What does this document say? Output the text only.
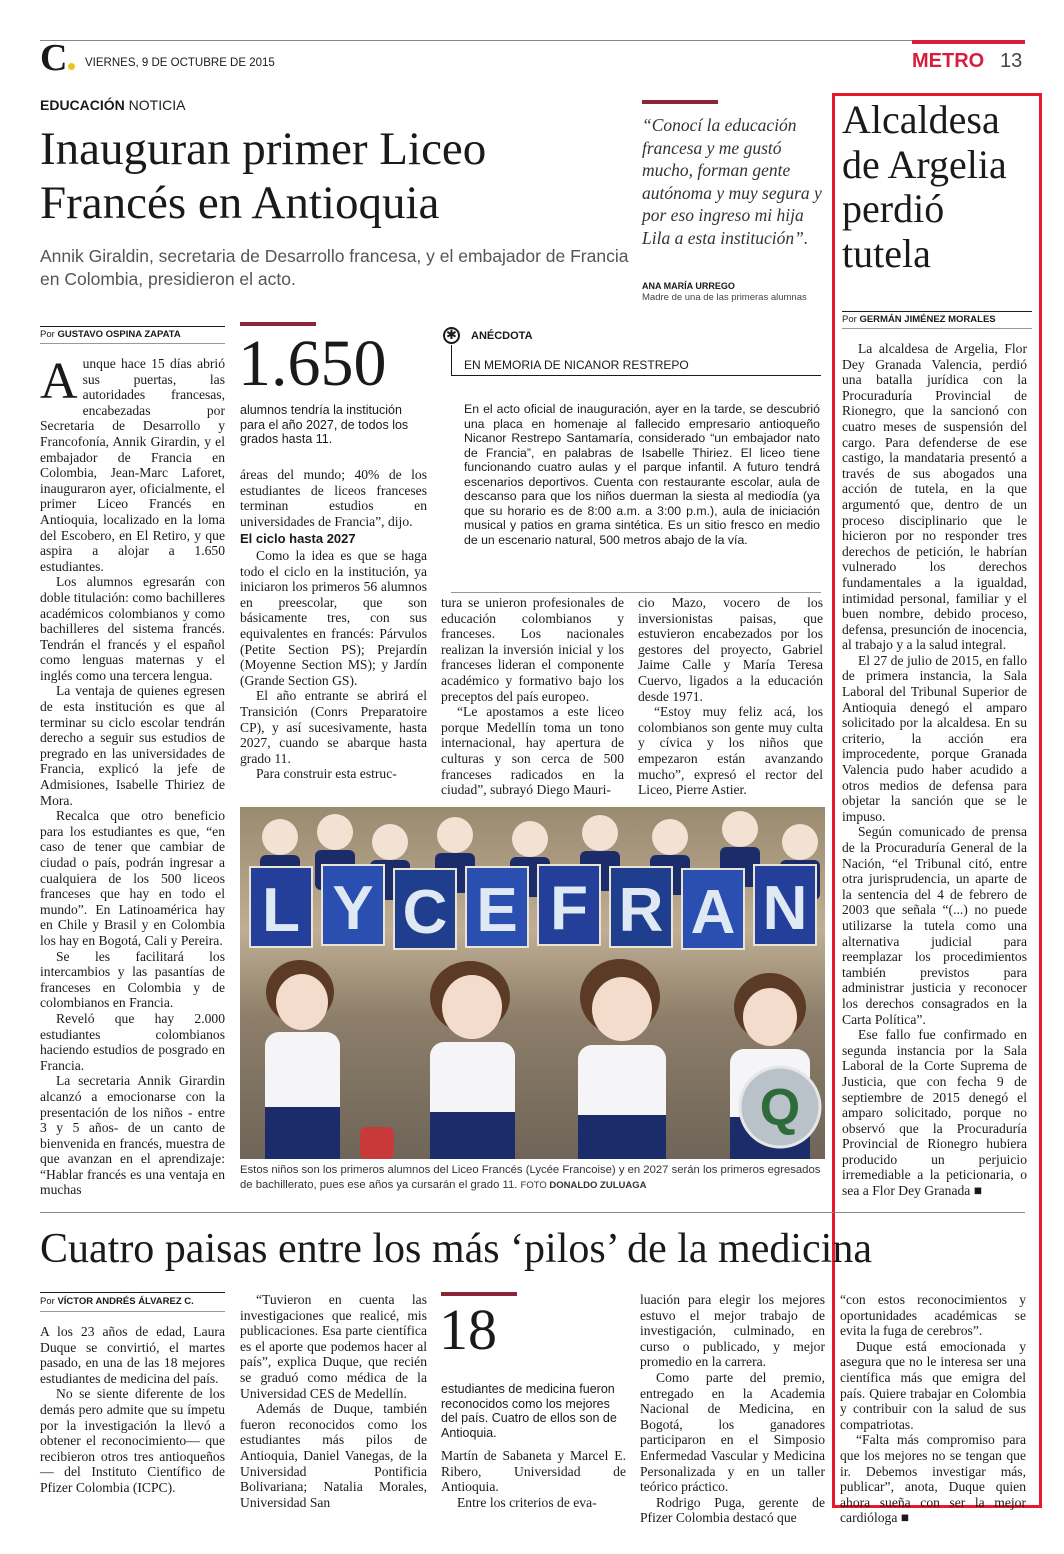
C	VIERNES, 9 DE OCTUBRE DE 2015	METRO 13
EDUCACIÓN NOTICIA
Inauguran primer Liceo
Francés en Antioquia
Annik Giraldin, secretaria de Desarrollo francesa, y el embajador de Francia en Colombia, presidieron el acto.
“Conocí la educación francesa y me gustó mucho, forman gente autónoma y muy segura y por eso ingreso mi hija Lila a esta institución”.
ANA MARÍA URREGO
Madre de una de las primeras alumnas
Alcaldesa
de Argelia
perdió
tutela
Por GERMÁN JIMÉNEZ MORALES

La alcaldesa de Argelia, Flor Dey Granada Valencia, perdió una batalla jurídica con la Procuraduría Provincial de Rionegro, que la sancionó con cuatro meses de suspensión del cargo. Para defenderse de ese castigo, la mandataria presentó a través de sus abogados una acción de tutela, en la que argumentó que, dentro de un proceso disciplinario que le hicieron por no responder tres derechos de petición, le habrían vulnerado los derechos fundamentales a la igualdad, intimidad personal, familiar y el buen nombre, debido proceso, defensa, presunción de inocencia, al trabajo y a la salud integral.

El 27 de julio de 2015, en fallo de primera instancia, la Sala Laboral del Tribunal Superior de Antioquia denegó el amparo solicitado por la alcaldesa. En su criterio, la acción era improcedente, porque Granada Valencia pudo haber acudido a otros medios de defensa para objetar la sanción que se le impuso.

Según comunicado de prensa de la Procuraduría General de la Nación, “el Tribunal citó, entre otra jurisprudencia, un aparte de la sentencia del 4 de febrero de 2003 que señala “(...) no puede utilizarse la tutela como una alternativa judicial para reemplazar los procedimientos también previstos para administrar justicia y reconocer los derechos consagrados en la Carta Política”.

Ese fallo fue confirmado en segunda instancia por la Sala Laboral de la Corte Suprema de Justicia, que con fecha 9 de septiembre de 2015 denegó el amparo solicitado, porque no observó que la Procuraduría Provincial de Rionegro hubiera producido un perjuicio irremediable a la peticionaria, o sea a Flor Dey Granada ■

Por GUSTAVO OSPINA ZAPATA

Aunque hace 15 días abrió sus puertas, las autoridades francesas, encabezadas por Secretaria de Desarrollo y Francofonía, Annik Girardin, y el embajador de Francia en Colombia, Jean-Marc Laforet, inauguraron ayer, oficialmente, el primer Liceo Francés en Antioquia, localizado en la loma del Escobero, en El Retiro, y que aspira a alojar a 1.650 estudiantes.

Los alumnos egresarán con doble titulación: como bachilleres académicos colombianos y como bachilleres del sistema francés. Tendrán el francés y el español como lenguas maternas y el inglés como una tercera lengua.

La ventaja de quienes egresen de esta institución es que al terminar su ciclo escolar tendrán derecho a seguir sus estudios de pregrado en las universidades de Francia, explicó la jefe de Admisiones, Isabelle Thiriez de Mora.

Recalca que otro beneficio para los estudiantes es que, “en caso de tener que cambiar de ciudad o país, podrán ingresar a cualquiera de los 500 liceos franceses que hay en todo el mundo”. En Latinoamérica hay en Chile y Brasil y en Colombia los hay en Bogotá, Cali y Pereira.

Se les facilitará los intercambios y las pasantías de franceses en Colombia y de colombianos en Francia.

Reveló que hay 2.000 estudiantes colombianos haciendo estudios de posgrado en Francia.

La secretaria Annik Girardin alcanzó a emocionarse con la presentación de los niños - entre 3 y 5 años- de un canto de bienvenida en francés, muestra de que avanzan en el aprendizaje: “Hablar francés es una ventaja en muchas

1.650
alumnos tendría la institución para el año 2027, de todos los grados hasta 11.
✱ ANÉCDOTA
EN MEMORIA DE NICANOR RESTREPO
En el acto oficial de inauguración, ayer en la tarde, se descubrió una placa en homenaje al fallecido empresario antioqueño Nicanor Restrepo Santamaría, considerado “un embajador nato de Francia”, en palabras de Isabelle Thiriez. El liceo tiene funcionando cuatro aulas y el parque infantil. A futuro tendrá escenarios deportivos. Cuenta con restaurante escolar, aula de descanso para que los niños duerman la siesta al mediodía (ya que su horario es de 8:00 a.m. a 3:00 p.m.), aula de iniciación musical y patios en grama sintética. Es un sitio fresco en medio de un escenario natural, 500 metros abajo de la vía.

áreas del mundo; 40% de los estudiantes de liceos franceses terminan estudios en universidades de Francia”, dijo.

El ciclo hasta 2027

Como la idea es que se haga todo el ciclo en la institución, ya iniciaron los primeros 56 alumnos en preescolar, que son básicamente tres, con sus equivalentes en francés: Párvulos (Petite Section PS); Prejardín (Moyenne Section MS); y Jardín (Grande Section GS).

El año entrante se abrirá el Transición (Conrs Preparatoire CP), y así sucesivamente, hasta 2027, cuando se abarque hasta grado 11.

Para construir esta estruc-

tura se unieron profesionales de educación colombianos y franceses. Los nacionales realizan la inversión inicial y los franceses lideran el componente académico y formativo bajo los preceptos del país europeo.

“Le apostamos a este liceo porque Medellín toma un tono internacional, hay apertura de culturas y son cerca de 500 franceses radicados en la ciudad”, subrayó Diego Mauri-

cio Mazo, vocero de los inversionistas paisas, que estuvieron encabezados por los gestores del proyecto, Gabriel Jaime Calle y María Teresa Cuervo, ligados a la educación desde 1971.

“Estoy muy feliz acá, los colombianos son gente muy culta y cívica y los niños que empezaron están avanzando mucho”, expresó el rector del Liceo, Pierre Astier.

L Y C E F R A N
Q
Estos niños son los primeros alumnos del Liceo Francés (Lycée Francoise) y en 2027 serán los primeros egresados de bachillerato, pues ese años ya cursarán el grado 11. FOTO DONALDO ZULUAGA
Cuatro paisas entre los más ‘pilos’ de la medicina
Por VÍCTOR ANDRÉS ÁLVAREZ C.

A los 23 años de edad, Laura Duque se convirtió, el martes pasado, en una de las 18 mejores estudiantes de medicina del país.

No se siente diferente de los demás pero admite que su ímpetu por la investigación la llevó a obtener el reconocimiento— que recibieron otros tres antioqueños— del Instituto Científico de Pfizer Colombia (ICPC).

“Tuvieron en cuenta las investigaciones que realicé, mis publicaciones. Esa parte científica es el aporte que podemos hacer al país”, explica Duque, que recién se graduó como médica de la Universidad CES de Medellín.

Además de Duque, también fueron reconocidos como los estudiantes más pilos de Antioquia, Daniel Vanegas, de la Universidad Pontificia Bolivariana; Natalia Morales, Universidad San

18
estudiantes de medicina fueron reconocidos como los mejores del país. Cuatro de ellos son de Antioquia.

Martín de Sabaneta y Marcel E. Ribero, Universidad de Antioquia.

Entre los criterios de eva-

luación para elegir los mejores estuvo el mejor trabajo de investigación, culminado, en curso o publicado, y mejor promedio en la carrera.

Como parte del premio, entregado en la Academia Nacional de Medicina, en Bogotá, los ganadores participaron en el Simposio Enfermedad Vascular y Medicina Personalizada y en un taller teórico práctico.

Rodrigo Puga, gerente de Pfizer Colombia destacó que

“con estos reconocimientos y oportunidades académicas se evita la fuga de cerebros”.

Duque está emocionada y asegura que no le interesa ser una científica más que emigra del país. Quiere trabajar en Colombia y contribuir con la salud de sus compatriotas.

“Falta más compromiso para que los mejores no se tengan que ir. Debemos investigar más, publicar”, anota, Duque quien ahora sueña con ser la mejor cardióloga ■
